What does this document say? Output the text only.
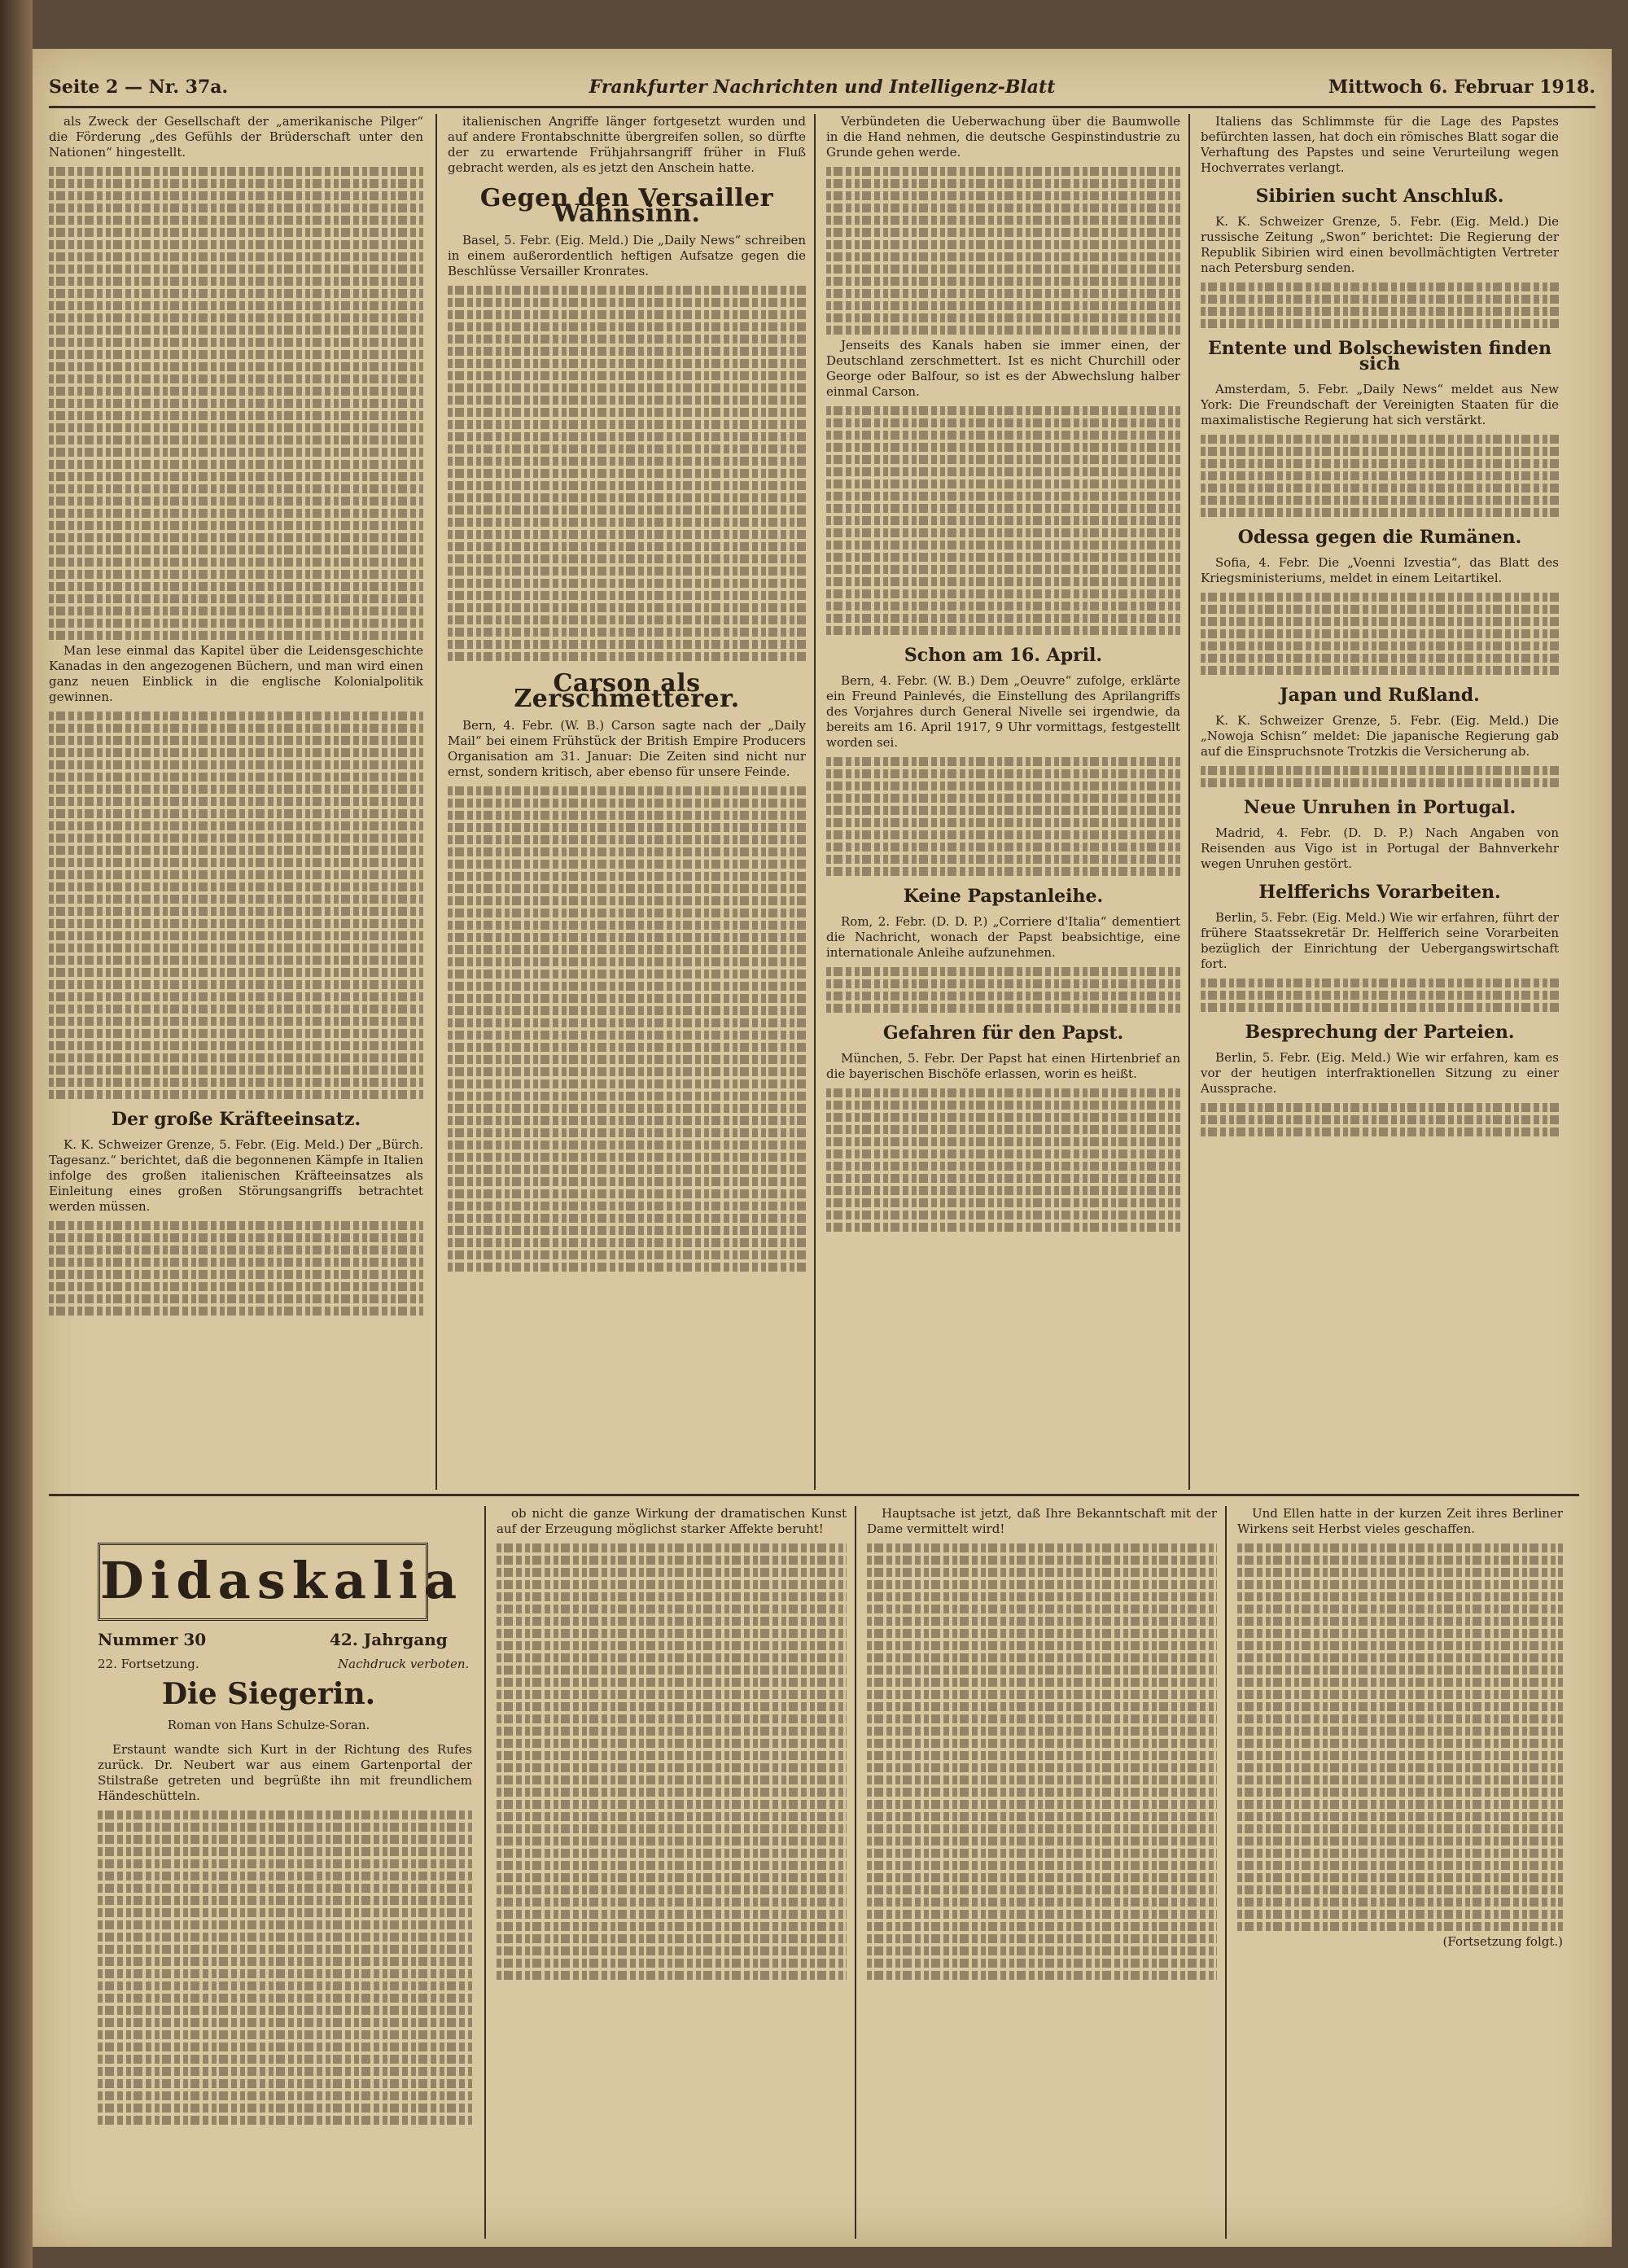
Seite 2 — Nr. 37a.	Frankfurter Nachrichten und Intelligenz-Blatt	Mittwoch 6. Februar 1918.

als Zweck der Gesellschaft der „amerikanische Pilger“ die Förderung „des Gefühls der Brüderschaft unter den Nationen“ hingestellt.

Man lese einmal das Kapitel über die Leidensgeschichte Kanadas in den angezogenen Büchern, und man wird einen ganz neuen Einblick in die englische Kolonialpolitik gewinnen.

Der große Kräfteeinsatz.

K. K. Schweizer Grenze, 5. Febr. (Eig. Meld.) Der „Bürch. Tagesanz.“ berichtet, daß die begonnenen Kämpfe in Italien infolge des großen italienischen Kräfteeinsatzes als Einleitung eines großen Störungsangriffs betrachtet werden müssen.

italienischen Angriffe länger fortgesetzt wurden und auf andere Frontabschnitte übergreifen sollen, so dürfte der zu erwartende Frühjahrsangriff früher in Fluß gebracht werden, als es jetzt den Anschein hatte.

Gegen den Versailler Wahnsinn.

Basel, 5. Febr. (Eig. Meld.) Die „Daily News“ schreiben in einem außerordentlich heftigen Aufsatze gegen die Beschlüsse Versailler Kronrates.

Carson als Zerschmetterer.

Bern, 4. Febr. (W. B.) Carson sagte nach der „Daily Mail“ bei einem Frühstück der British Empire Producers Organisation am 31. Januar: Die Zeiten sind nicht nur ernst, sondern kritisch, aber ebenso für unsere Feinde.

Verbündeten die Ueberwachung über die Baumwolle in die Hand nehmen, die deutsche Gespinstindustrie zu Grunde gehen werde.

Jenseits des Kanals haben sie immer einen, der Deutschland zerschmettert. Ist es nicht Churchill oder George oder Balfour, so ist es der Abwechslung halber einmal Carson.

Schon am 16. April.

Bern, 4. Febr. (W. B.) Dem „Oeuvre“ zufolge, erklärte ein Freund Painlevés, die Einstellung des Aprilangriffs des Vorjahres durch General Nivelle sei irgendwie, da bereits am 16. April 1917, 9 Uhr vormittags, festgestellt worden sei.

Keine Papstanleihe.

Rom, 2. Febr. (D. D. P.) „Corriere d'Italia“ dementiert die Nachricht, wonach der Papst beabsichtige, eine internationale Anleihe aufzunehmen.

Gefahren für den Papst.

München, 5. Febr. Der Papst hat einen Hirtenbrief an die bayerischen Bischöfe erlassen, worin es heißt.

Italiens das Schlimmste für die Lage des Papstes befürchten lassen, hat doch ein römisches Blatt sogar die Verhaftung des Papstes und seine Verurteilung wegen Hochverrates verlangt.

Sibirien sucht Anschluß.

K. K. Schweizer Grenze, 5. Febr. (Eig. Meld.) Die russische Zeitung „Swon“ berichtet: Die Regierung der Republik Sibirien wird einen bevollmächtigten Vertreter nach Petersburg senden.

Entente und Bolschewisten finden sich

Amsterdam, 5. Febr. „Daily News“ meldet aus New York: Die Freundschaft der Vereinigten Staaten für die maximalistische Regierung hat sich verstärkt.

Odessa gegen die Rumänen.

Sofia, 4. Febr. Die „Voenni Izvestia“, das Blatt des Kriegsministeriums, meldet in einem Leitartikel.

Japan und Rußland.

K. K. Schweizer Grenze, 5. Febr. (Eig. Meld.) Die „Nowoja Schisn“ meldet: Die japanische Regierung gab auf die Einspruchsnote Trotzkis die Versicherung ab.

Neue Unruhen in Portugal.

Madrid, 4. Febr. (D. D. P.) Nach Angaben von Reisenden aus Vigo ist in Portugal der Bahnverkehr wegen Unruhen gestört.

Helfferichs Vorarbeiten.

Berlin, 5. Febr. (Eig. Meld.) Wie wir erfahren, führt der frühere Staatssekretär Dr. Helfferich seine Vorarbeiten bezüglich der Einrichtung der Uebergangswirtschaft fort.

Besprechung der Parteien.

Berlin, 5. Febr. (Eig. Meld.) Wie wir erfahren, kam es vor der heutigen interfraktionellen Sitzung zu einer Aussprache.

Didaskalia
Nummer 30	42. Jahrgang
22. Fortsetzung.	Nachdruck verboten.
Die Siegerin.
Roman von Hans Schulze-Soran.

Erstaunt wandte sich Kurt in der Richtung des Rufes zurück. Dr. Neubert war aus einem Gartenportal der Stilstraße getreten und begrüßte ihn mit freundlichem Händeschütteln.

ob nicht die ganze Wirkung der dramatischen Kunst auf der Erzeugung möglichst starker Affekte beruht!

Hauptsache ist jetzt, daß Ihre Bekanntschaft mit der Dame vermittelt wird!

Und Ellen hatte in der kurzen Zeit ihres Berliner Wirkens seit Herbst vieles geschaffen.

(Fortsetzung folgt.)
